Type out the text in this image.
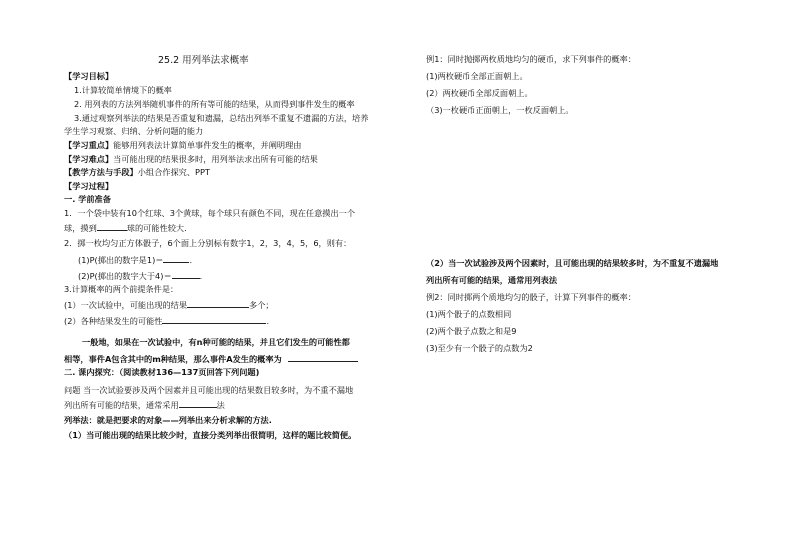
25.2 用列举法求概率
【学习目标】
1.计算较简单情境下的概率
2. 用列表的方法列举随机事件的所有等可能的结果，从而得到事件发生的概率
3.通过观察列举法的结果是否重复和遗漏，总结出列举不重复不遗漏的方法，培养
学生学习观察、归纳、分析问题的能力
【学习重点】能够用列表法计算简单事件发生的概率，并阐明理由
【学习难点】当可能出现的结果很多时，用列举法求出所有可能的结果
【教学方法与手段】小组合作探究、PPT
【学习过程】
一. 学前准备
1．一个袋中装有10个红球、3个黄球，每个球只有颜色不同，现在任意摸出一个
球，摸到	球的可能性较大.
2．掷一枚均匀正方体骰子，6个面上分别标有数字1，2，3，4，5，6，则有：
(1)P(掷出的数字是1)＝	.
(2)P(掷出的数字大于4)＝	.
3.计算概率的两个前提条件是：
(1）一次试验中，可能出现的结果	多个；
(2）各种结果发生的可能性	.
一般地，如果在一次试验中，有n种可能的结果，并且它们发生的可能性都
相等，事件A包含其中的m种结果，那么事件A发生的概率为
二. 课内探究：（阅读教材136—137页回答下列问题)
问题 当一次试验要涉及两个因素并且可能出现的结果数目较多时，为不重不漏地
列出所有可能的结果，通常采用	法
列举法：就是把要求的对象——列举出来分析求解的方法.
（1）当可能出现的结果比较少时，直接分类列举出很简明，这样的题比较简便。
例1：同时抛掷两枚质地均匀的硬币，求下列事件的概率：
(1)两枚硬币全部正面朝上。
(2）两枚硬币全部反面朝上。
（3)一枚硬币正面朝上，一枚反面朝上。
（2）当一次试验涉及两个因素时，且可能出现的结果较多时，为不重复不遗漏地
列出所有可能的结果，通常用列表法
例2：同时掷两个质地均匀的骰子，计算下列事件的概率：
(1)两个骰子的点数相同
(2)两个骰子点数之和是9
(3)至少有一个骰子的点数为2
